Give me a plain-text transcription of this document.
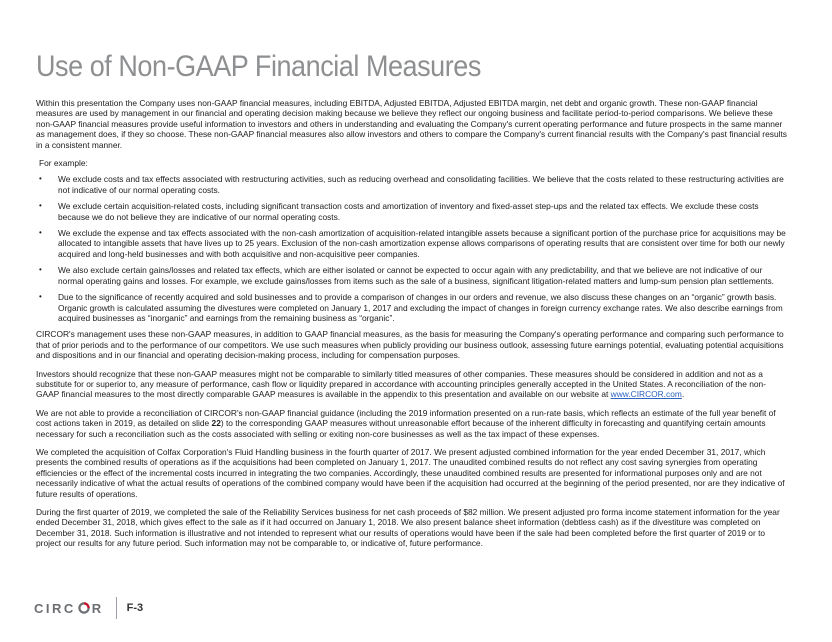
Use of Non-GAAP Financial Measures

Within this presentation the Company uses non-GAAP financial measures, including EBITDA, Adjusted EBITDA, Adjusted EBITDA margin, net debt and organic growth. These non-GAAP financial measures are used by management in our financial and operating decision making because we believe they reflect our ongoing business and facilitate period-to-period comparisons. We believe these non-GAAP financial measures provide useful information to investors and others in understanding and evaluating the Company's current operating performance and future prospects in the same manner as management does, if they so choose. These non-GAAP financial measures also allow investors and others to compare the Company's current financial results with the Company's past financial results in a consistent manner.

For example:

• We exclude costs and tax effects associated with restructuring activities, such as reducing overhead and consolidating facilities. We believe that the costs related to these restructuring activities are not indicative of our normal operating costs.
• We exclude certain acquisition-related costs, including significant transaction costs and amortization of inventory and fixed-asset step-ups and the related tax effects. We exclude these costs because we do not believe they are indicative of our normal operating costs.
• We exclude the expense and tax effects associated with the non-cash amortization of acquisition-related intangible assets because a significant portion of the purchase price for acquisitions may be allocated to intangible assets that have lives up to 25 years. Exclusion of the non-cash amortization expense allows comparisons of operating results that are consistent over time for both our newly acquired and long-held businesses and with both acquisitive and non-acquisitive peer companies.
• We also exclude certain gains/losses and related tax effects, which are either isolated or cannot be expected to occur again with any predictability, and that we believe are not indicative of our normal operating gains and losses. For example, we exclude gains/losses from items such as the sale of a business, significant litigation-related matters and lump-sum pension plan settlements.
• Due to the significance of recently acquired and sold businesses and to provide a comparison of changes in our orders and revenue, we also discuss these changes on an “organic” growth basis. Organic growth is calculated assuming the divestures were completed on January 1, 2017 and excluding the impact of changes in foreign currency exchange rates. We also describe earnings from acquired businesses as “inorganic” and earnings from the remaining business as “organic”.

CIRCOR's management uses these non-GAAP measures, in addition to GAAP financial measures, as the basis for measuring the Company's operating performance and comparing such performance to that of prior periods and to the performance of our competitors. We use such measures when publicly providing our business outlook, assessing future earnings potential, evaluating potential acquisitions and dispositions and in our financial and operating decision-making process, including for compensation purposes.

Investors should recognize that these non-GAAP measures might not be comparable to similarly titled measures of other companies. These measures should be considered in addition and not as a substitute for or superior to, any measure of performance, cash flow or liquidity prepared in accordance with accounting principles generally accepted in the United States. A reconciliation of the non-GAAP financial measures to the most directly comparable GAAP measures is available in the appendix to this presentation and available on our website at www.CIRCOR.com.

We are not able to provide a reconciliation of CIRCOR's non-GAAP financial guidance (including the 2019 information presented on a run-rate basis, which reflects an estimate of the full year benefit of cost actions taken in 2019, as detailed on slide 22) to the corresponding GAAP measures without unreasonable effort because of the inherent difficulty in forecasting and quantifying certain amounts necessary for such a reconciliation such as the costs associated with selling or exiting non-core businesses as well as the tax impact of these expenses.

We completed the acquisition of Colfax Corporation's Fluid Handling business in the fourth quarter of 2017. We present adjusted combined information for the year ended December 31, 2017, which presents the combined results of operations as if the acquisitions had been completed on January 1, 2017. The unaudited combined results do not reflect any cost saving synergies from operating efficiencies or the effect of the incremental costs incurred in integrating the two companies. Accordingly, these unaudited combined results are presented for informational purposes only and are not necessarily indicative of what the actual results of operations of the combined company would have been if the acquisition had occurred at the beginning of the period presented, nor are they indicative of future results of operations.

During the first quarter of 2019, we completed the sale of the Reliability Services business for net cash proceeds of $82 million. We present adjusted pro forma income statement information for the year ended December 31, 2018, which gives effect to the sale as if it had occurred on January 1, 2018. We also present balance sheet information (debtless cash) as if the divestiture was completed on December 31, 2018. Such information is illustrative and not intended to represent what our results of operations would have been if the sale had been completed before the first quarter of 2019 or to project our results for any future period. Such information may not be comparable to, or indicative of, future performance.

CIRC R F-3
